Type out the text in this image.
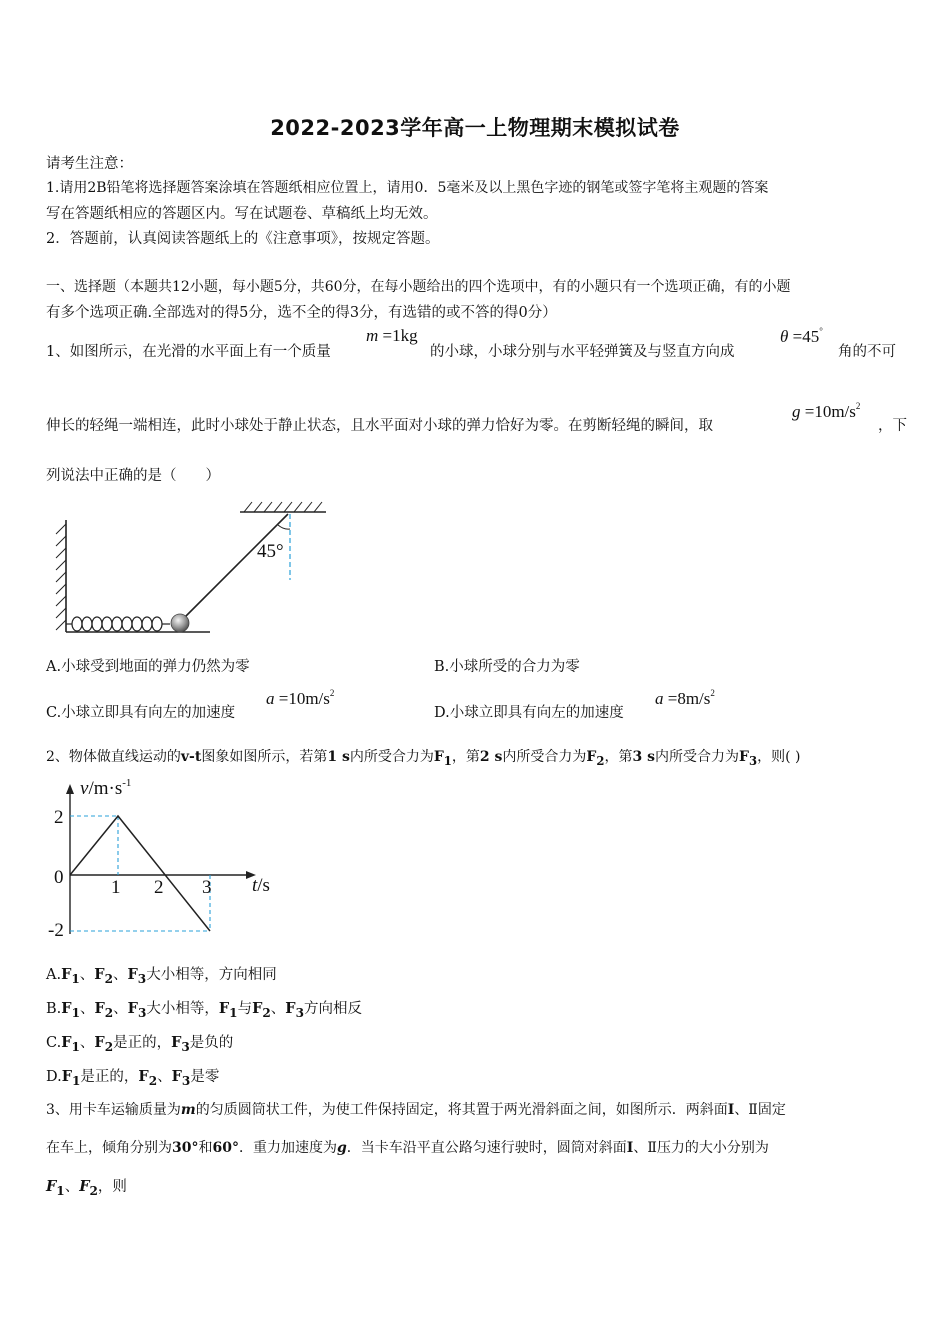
2022-2023学年高一上物理期末模拟试卷
请考生注意：
1.请用2B铅笔将选择题答案涂填在答题纸相应位置上，请用0．5毫米及以上黑色字迹的钢笔或签字笔将主观题的答案
写在答题纸相应的答题区内。写在试题卷、草稿纸上均无效。
2．答题前，认真阅读答题纸上的《注意事项》，按规定答题。
一、选择题（本题共12小题，每小题5分，共60分，在每小题给出的四个选项中，有的小题只有一个选项正确，有的小题
有多个选项正确.全部选对的得5分，选不全的得3分，有选错的或不答的得0分）
1、如图所示，在光滑的水平面上有一个质量
m =1kg
的小球，小球分别与水平轻弹簧及与竖直方向成
θ =45°
角的不可
伸长的轻绳一端相连，此时小球处于静止状态，且水平面对小球的弹力恰好为零。在剪断轻绳的瞬间，取
$g =10m/s^2$
，下
列说法中正确的是（　　）
45°
A.小球受到地面的弹力仍然为零	B.小球所受的合力为零
C.小球立即具有向左的加速度
$a =10m/s^2$
D.小球立即具有向左的加速度
$a =8m/s^2$
2、物体做直线运动的v-t图象如图所示，若第1 s内所受合力为$F_1$，第2 s内所受合力为$F_2$，第3 s内所受合力为$F_3$，则( )
$v/m\cdot s^{-1}$
t/s
2
0
-2
1 2 3
$A.F_1$、$F_2$、$F_3$大小相等，方向相同
$B.F_1$、$F_2$、$F_3$大小相等，$F_1$与$F_2$、$F_3$方向相反
$C.F_1$、$F_2$是正的，$F_3$是负的
$D.F_1$是正的，$F_2$、$F_3$是零
3、用卡车运输质量为m的匀质圆筒状工件，为使工件保持固定，将其置于两光滑斜面之间，如图所示．两斜面I、Ⅱ固定
在车上，倾角分别为30°和60°．重力加速度为g．当卡车沿平直公路匀速行驶时，圆筒对斜面I、Ⅱ压力的大小分别为
$F_1$、$F_2$，则
